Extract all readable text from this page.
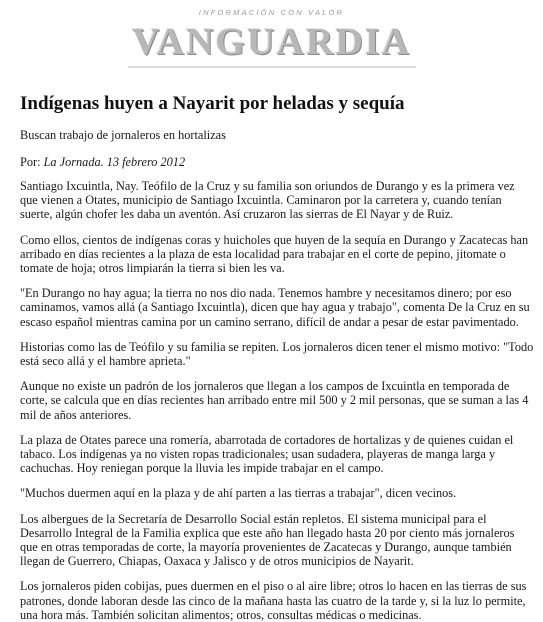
INFORMACIÓN CON VALOR
VANGUARDIA
Indígenas huyen a Nayarit por heladas y sequía
Buscan trabajo de jornaleros en hortalizas
Por: La Jornada. 13 febrero 2012

Santiago Ixcuintla, Nay. Teófilo de la Cruz y su familia son oriundos de Durango y es la primera vez que vienen a Otates, municipio de Santiago Ixcuintla. Caminaron por la carretera y, cuando tenían suerte, algún chofer les daba un aventón. Así cruzaron las sierras de El Nayar y de Ruiz.

Como ellos, cientos de indígenas coras y huicholes que huyen de la sequía en Durango y Zacatecas han arribado en días recientes a la plaza de esta localidad para trabajar en el corte de pepino, jitomate o tomate de hoja; otros limpiarán la tierra si bien les va.

"En Durango no hay agua; la tierra no nos dio nada. Tenemos hambre y necesitamos dinero; por eso caminamos, vamos allá (a Santiago Ixcuintla), dicen que hay agua y trabajo", comenta De la Cruz en su escaso español mientras camina por un camino serrano, difícil de andar a pesar de estar pavimentado.

Historias como las de Teófilo y su familia se repiten. Los jornaleros dicen tener el mismo motivo: "Todo está seco allá y el hambre aprieta."

Aunque no existe un padrón de los jornaleros que llegan a los campos de Ixcuintla en temporada de corte, se calcula que en días recientes han arribado entre mil 500 y 2 mil personas, que se suman a las 4 mil de años anteriores.

La plaza de Otates parece una romería, abarrotada de cortadores de hortalizas y de quienes cuidan el tabaco. Los indígenas ya no visten ropas tradicionales; usan sudadera, playeras de manga larga y cachuchas. Hoy reniegan porque la lluvia les impide trabajar en el campo.

"Muchos duermen aquí en la plaza y de ahí parten a las tierras a trabajar", dicen vecinos.

Los albergues de la Secretaría de Desarrollo Social están repletos. El sistema municipal para el Desarrollo Integral de la Familia explica que este año han llegado hasta 20 por ciento más jornaleros que en otras temporadas de corte, la mayoría provenientes de Zacatecas y Durango, aunque también llegan de Guerrero, Chiapas, Oaxaca y Jalisco y de otros municipios de Nayarit.

Los jornaleros piden cobijas, pues duermen en el piso o al aire libre; otros lo hacen en las tierras de sus patrones, donde laboran desde las cinco de la mañana hasta las cuatro de la tarde y, si la luz lo permite, una hora más. También solicitan alimentos; otros, consultas médicas o medicinas.
